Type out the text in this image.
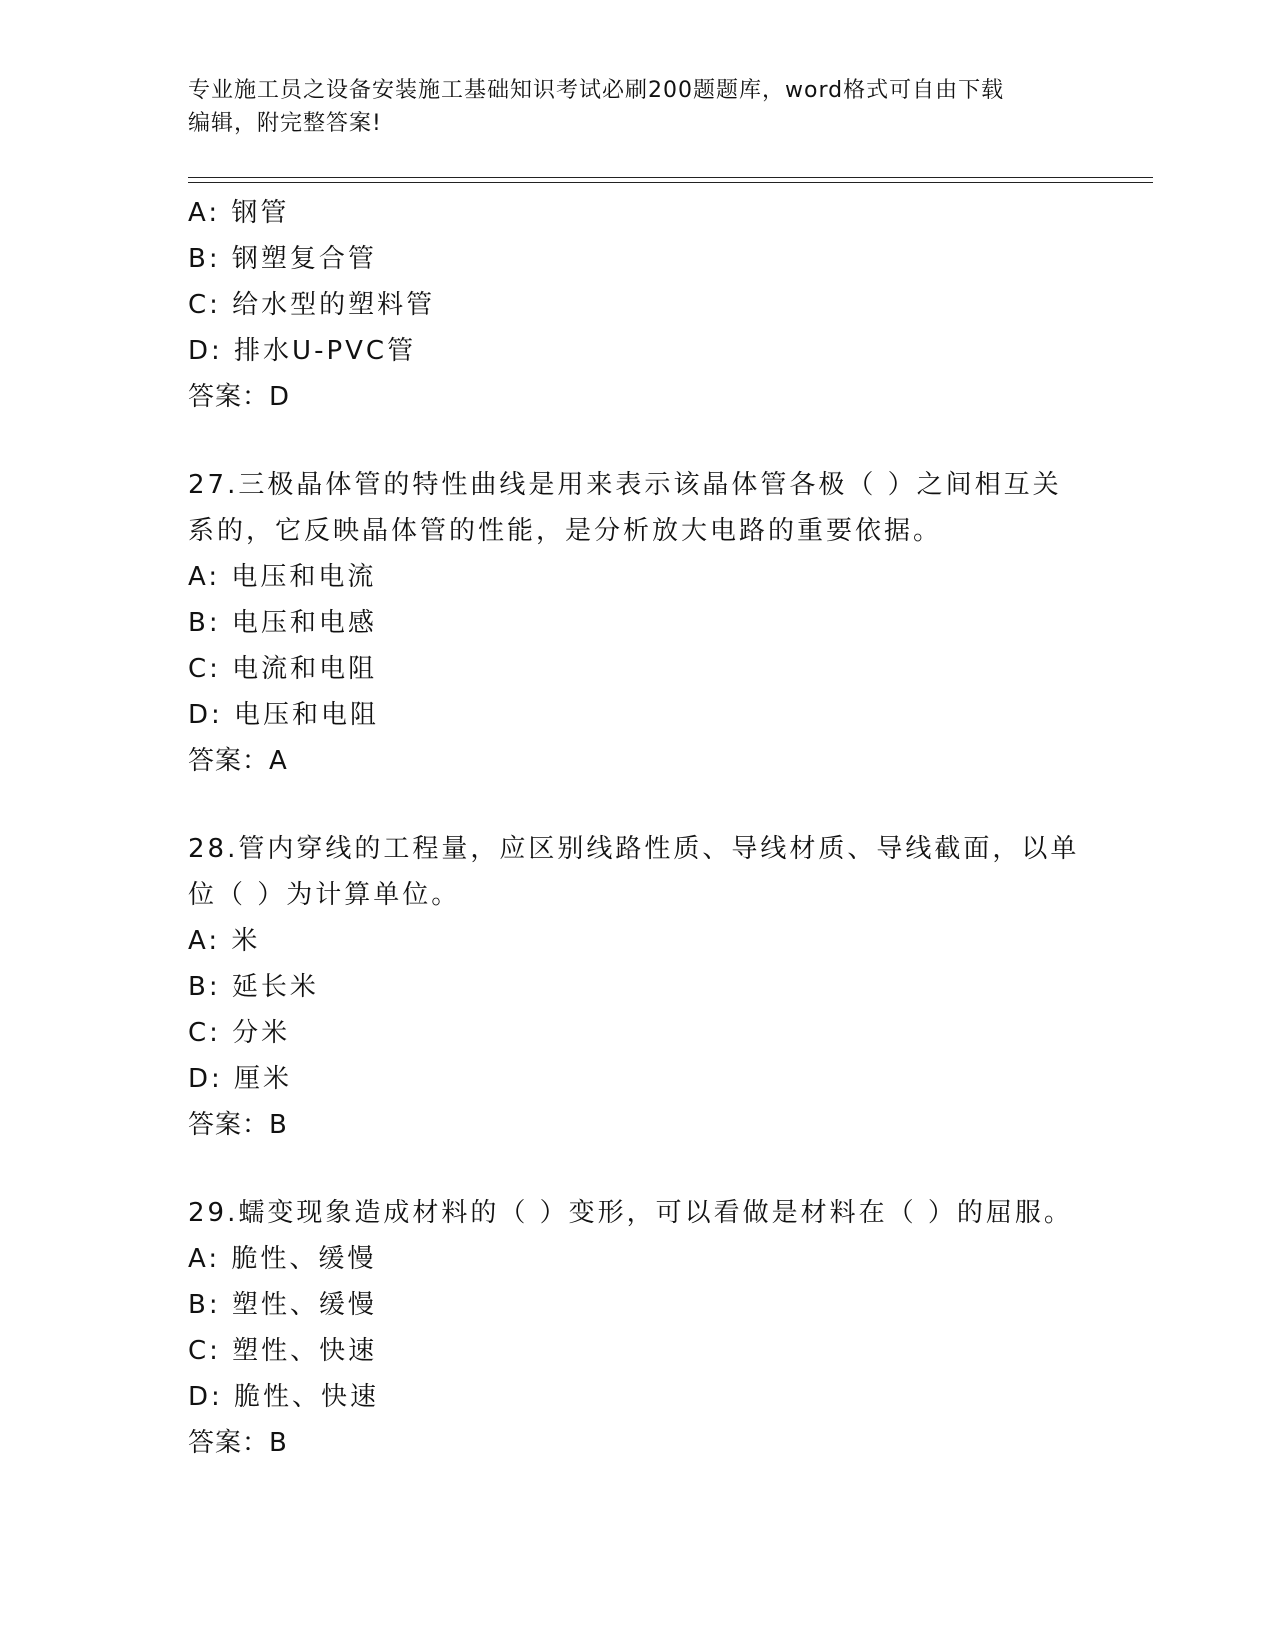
专业施工员之设备安装施工基础知识考试必刷200题题库，word格式可自由下载
编辑，附完整答案!
A: 钢管
B: 钢塑复合管
C: 给水型的塑料管
D: 排水U-PVC管
答案：D
27.三极晶体管的特性曲线是用来表示该晶体管各极（ ）之间相互关
系的，它反映晶体管的性能，是分析放大电路的重要依据。
A: 电压和电流
B: 电压和电感
C: 电流和电阻
D: 电压和电阻
答案：A
28.管内穿线的工程量，应区别线路性质、导线材质、导线截面，以单
位（ ）为计算单位。
A: 米
B: 延长米
C: 分米
D: 厘米
答案：B
29.蠕变现象造成材料的（ ）变形，可以看做是材料在（ ）的屈服。
A: 脆性、缓慢
B: 塑性、缓慢
C: 塑性、快速
D: 脆性、快速
答案：B
